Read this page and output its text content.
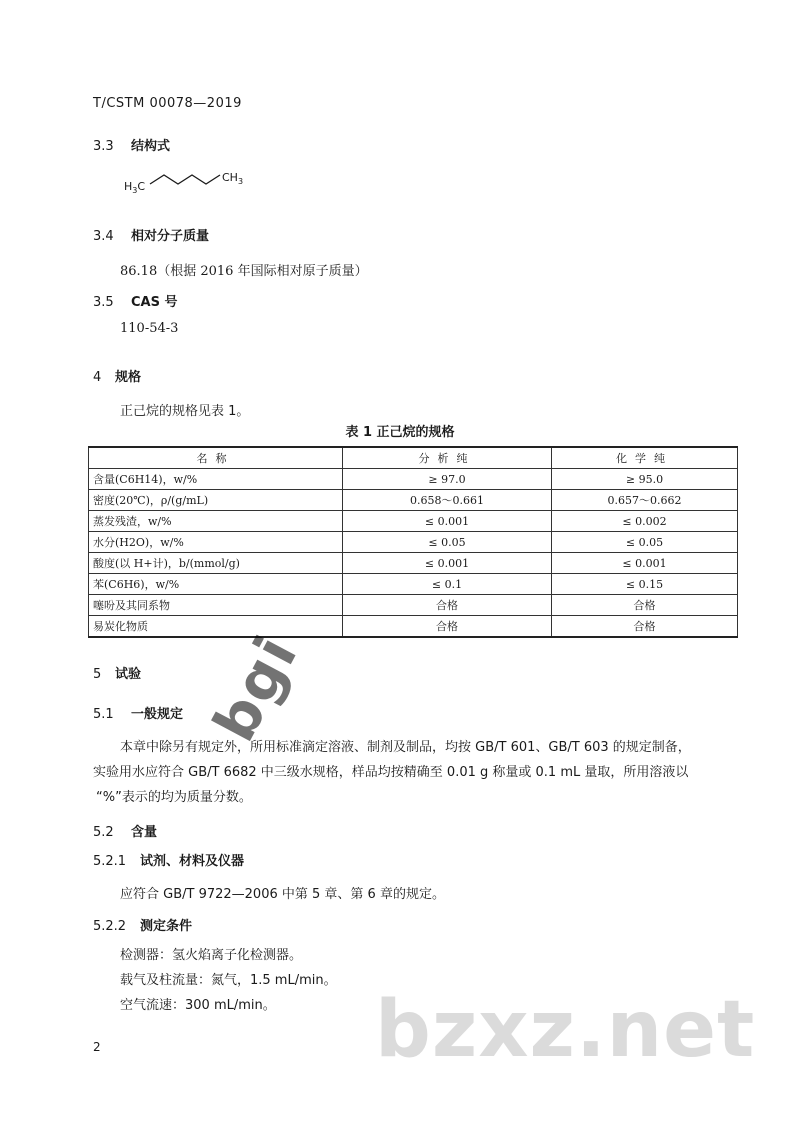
T/CSTM 00078—2019
3.3 结构式
$H_3C$
$CH_3$
3.4 相对分子质量
86.18（根据 2016 年国际相对原子质量）
3.5 CAS 号
110-54-3
4 规格
正己烷的规格见表 1。
表 1 正己烷的规格
名称	分析纯	化学纯
含量(C6H14)，w/%	≥ 97.0	≥ 95.0
密度(20℃)，ρ/(g/mL)	0.658～0.661	0.657～0.662
蒸发残渣，w/%	≤ 0.001	≤ 0.002
水分(H2O)，w/%	≤ 0.05	≤ 0.05
酸度(以 H+计)，b/(mmol/g)	≤ 0.001	≤ 0.001
苯(C6H6)，w/%	≤ 0.1	≤ 0.15
噻吩及其同系物	合格	合格
易炭化物质	合格	合格
5 试验
5.1 一般规定
本章中除另有规定外，所用标准滴定溶液、制剂及制品，均按 GB/T 601、GB/T 603 的规定制备，
实验用水应符合 GB/T 6682 中三级水规格，样品均按精确至 0.01 g 称量或 0.1 mL 量取，所用溶液以
“%”表示的均为质量分数。
5.2 含量
5.2.1 试剂、材料及仪器
应符合 GB/T 9722—2006 中第 5 章、第 6 章的规定。
5.2.2 测定条件
检测器：氢火焰离子化检测器。
载气及柱流量：氮气，1.5 mL/min。
空气流速：300 mL/min。
2
bgi
bzxz.net
